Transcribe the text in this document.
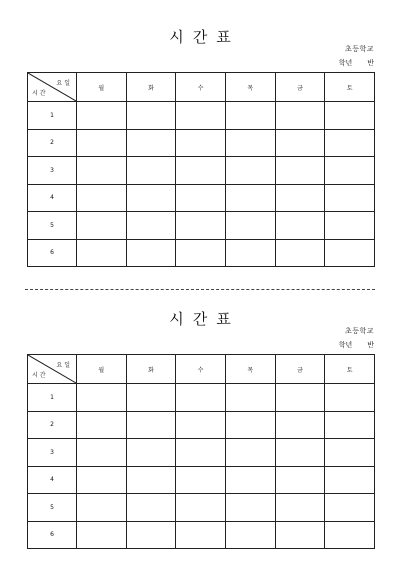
시간표
초등학교
학년 반
요일
시간	월	화	수	목	금	토
1						
2						
3						
4						
5						
6						
시간표
초등학교
학년 반
요일
시간	월	화	수	목	금	토
1						
2						
3						
4						
5						
6						
